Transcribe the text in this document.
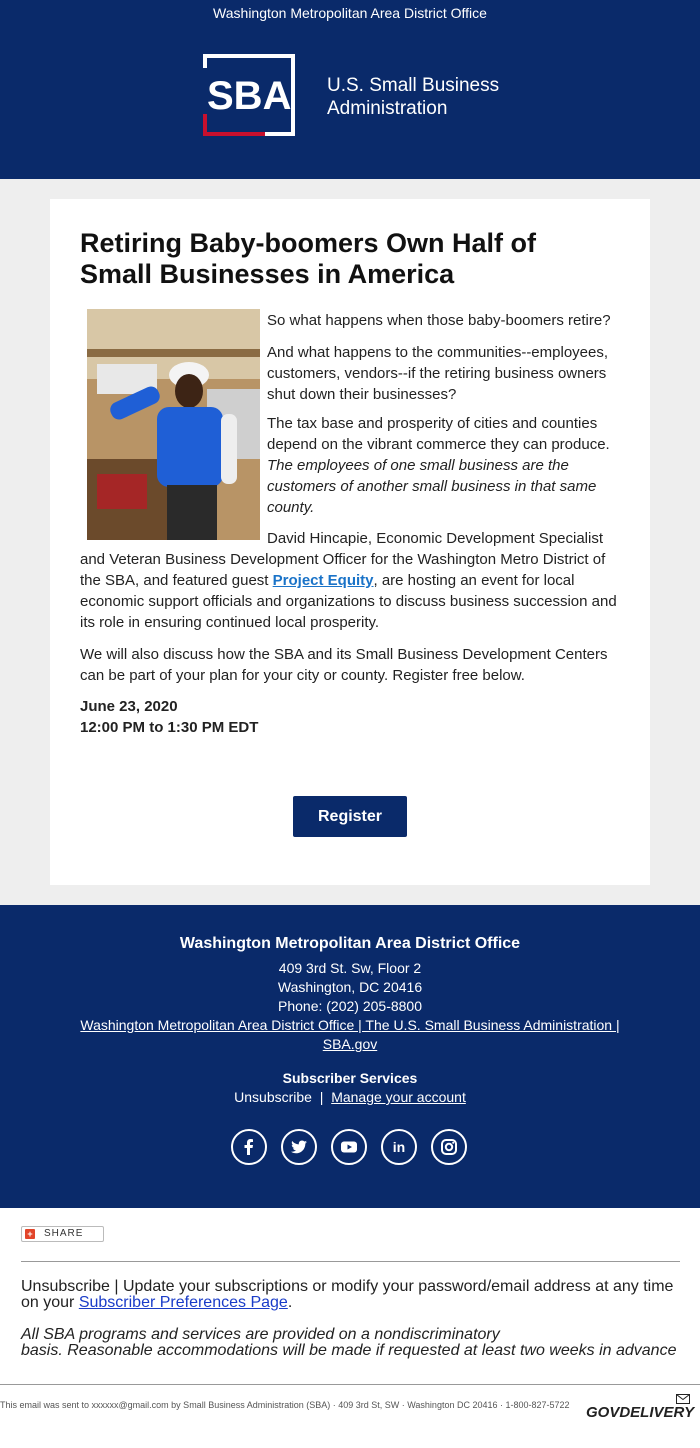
Washington Metropolitan Area District Office
SBA U.S. Small Business
Administration
Retiring Baby-boomers Own Half of Small Businesses in America
So what happens when those baby-boomers retire?
And what happens to the communities--employees, customers, vendors--if the retiring business owners shut down their businesses?
The tax base and prosperity of cities and counties depend on the vibrant commerce they can produce. The employees of one small business are the customers of another small business in that same county.
David Hincapie, Economic Development Specialist and Veteran Business Development Officer for the Washington Metro District of the SBA, and featured guest Project Equity, are hosting an event for local economic support officials and organizations to discuss business succession and its role in ensuring continued local prosperity.
We will also discuss how the SBA and its Small Business Development Centers can be part of your plan for your city or county. Register free below.
June 23, 2020
12:00 PM to 1:30 PM EDT
Register
Washington Metropolitan Area District Office
409 3rd St. Sw, Floor 2
Washington, DC 20416
Phone: (202) 205-8800
Washington Metropolitan Area District Office | The U.S. Small Business Administration |
SBA.gov
Subscriber Services
Unsubscribe | Manage your account
in
+ SHARE
Unsubscribe | Update your subscriptions or modify your password/email address at any time
on your Subscriber Preferences Page.
All SBA programs and services are provided on a nondiscriminatory
basis. Reasonable accommodations will be made if requested at least two weeks in advance
This email was sent to xxxxxx@gmail.com by Small Business Administration (SBA) · 409 3rd St, SW · Washington DC 20416 · 1-800-827-5722	GOVDELIVERY
